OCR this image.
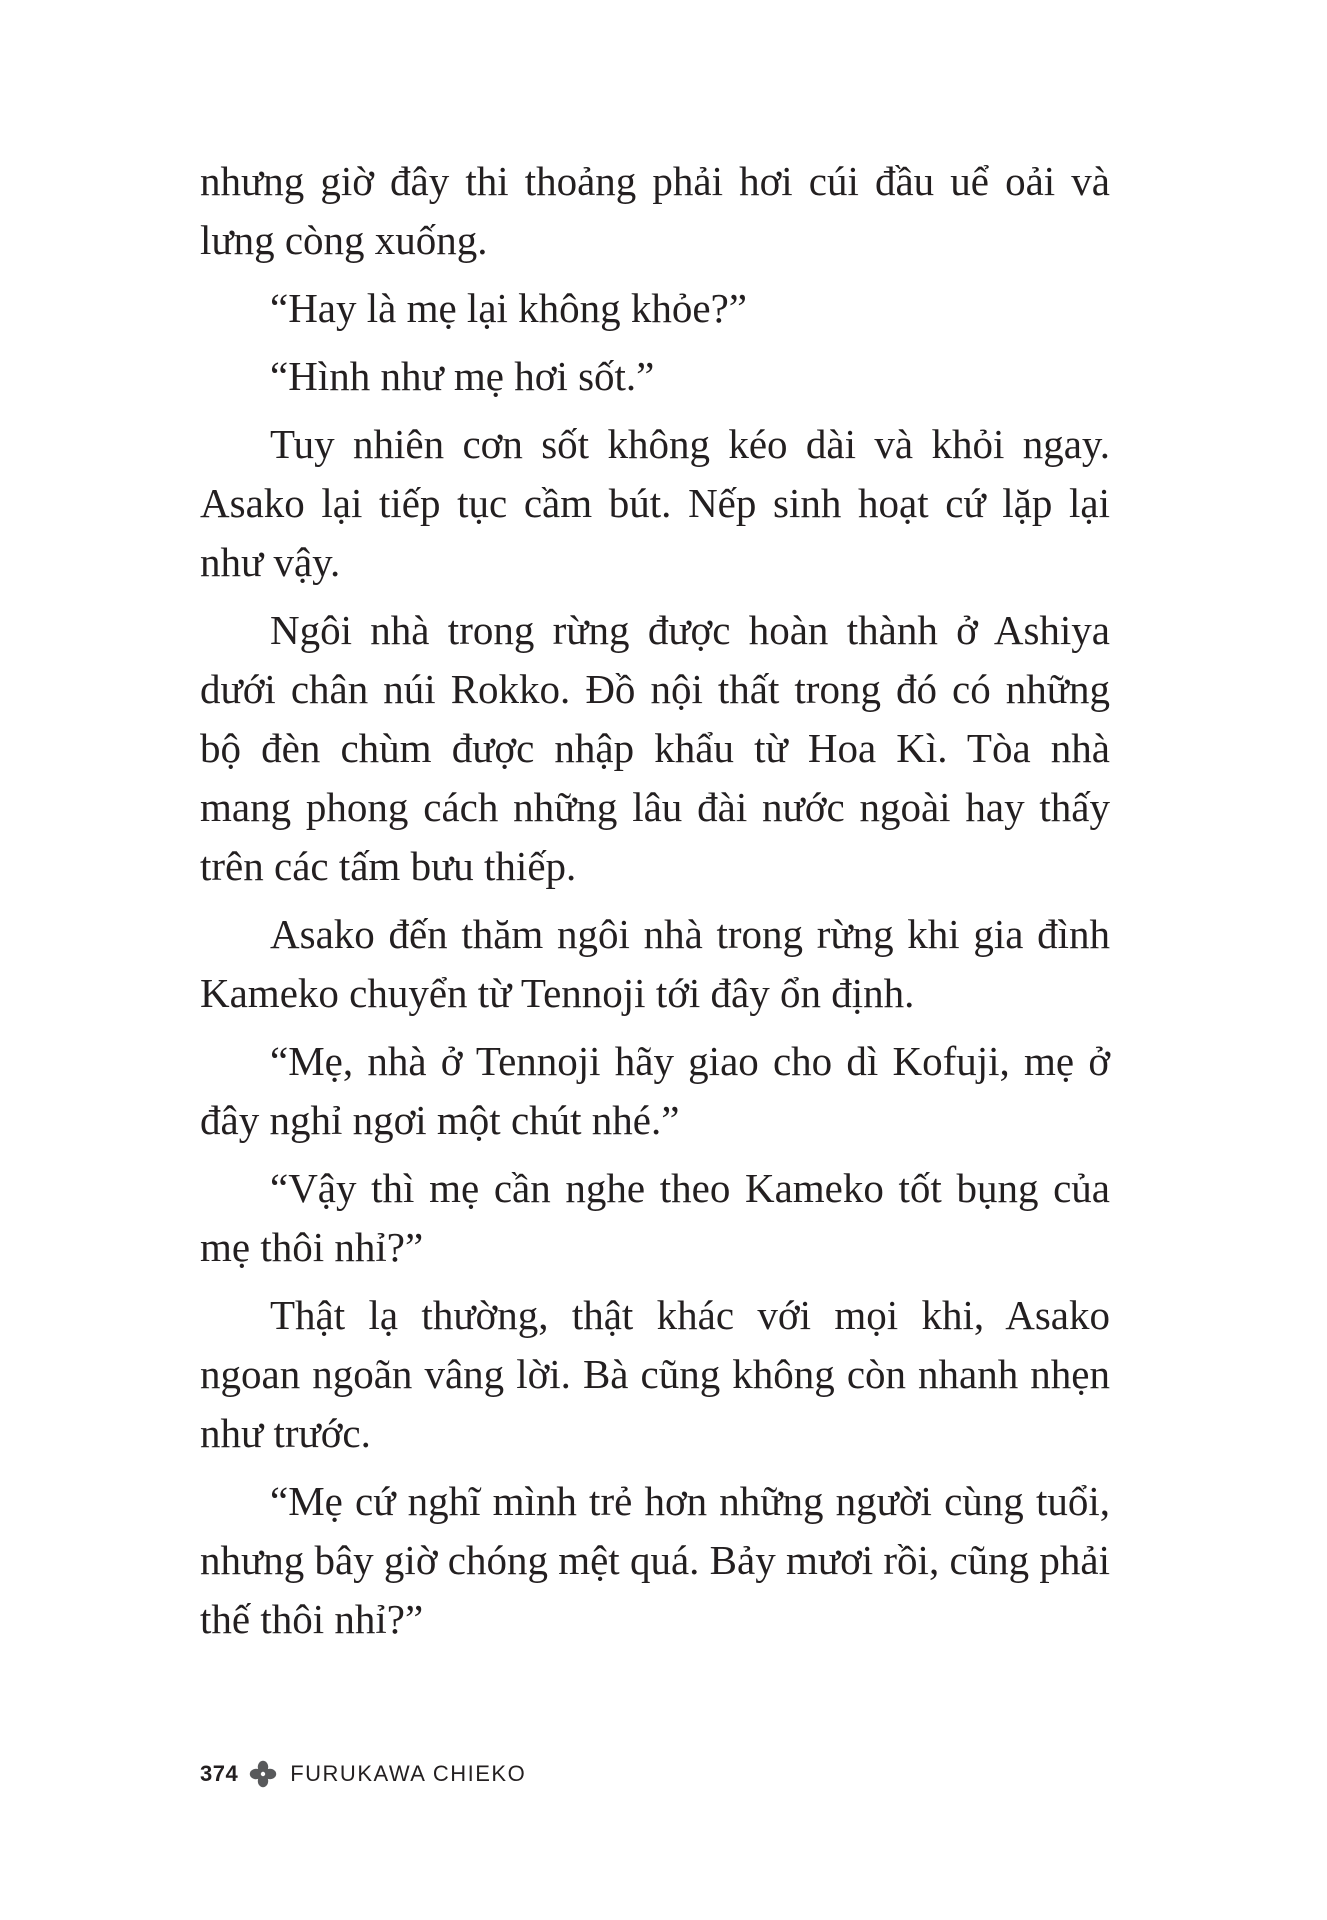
nhưng giờ đây thi thoảng phải hơi cúi đầu uể oải và lưng còng xuống.

“Hay là mẹ lại không khỏe?”

“Hình như mẹ hơi sốt.”

Tuy nhiên cơn sốt không kéo dài và khỏi ngay. Asako lại tiếp tục cầm bút. Nếp sinh hoạt cứ lặp lại như vậy.

Ngôi nhà trong rừng được hoàn thành ở Ashiya dưới chân núi Rokko. Đồ nội thất trong đó có những bộ đèn chùm được nhập khẩu từ Hoa Kì. Tòa nhà mang phong cách những lâu đài nước ngoài hay thấy trên các tấm bưu thiếp.

Asako đến thăm ngôi nhà trong rừng khi gia đình Kameko chuyển từ Tennoji tới đây ổn định.

“Mẹ, nhà ở Tennoji hãy giao cho dì Kofuji, mẹ ở đây nghỉ ngơi một chút nhé.”

“Vậy thì mẹ cần nghe theo Kameko tốt bụng của mẹ thôi nhỉ?”

Thật lạ thường, thật khác với mọi khi, Asako ngoan ngoãn vâng lời. Bà cũng không còn nhanh nhẹn như trước.

“Mẹ cứ nghĩ mình trẻ hơn những người cùng tuổi, nhưng bây giờ chóng mệt quá. Bảy mươi rồi, cũng phải thế thôi nhỉ?”

374 FURUKAWA CHIEKO
